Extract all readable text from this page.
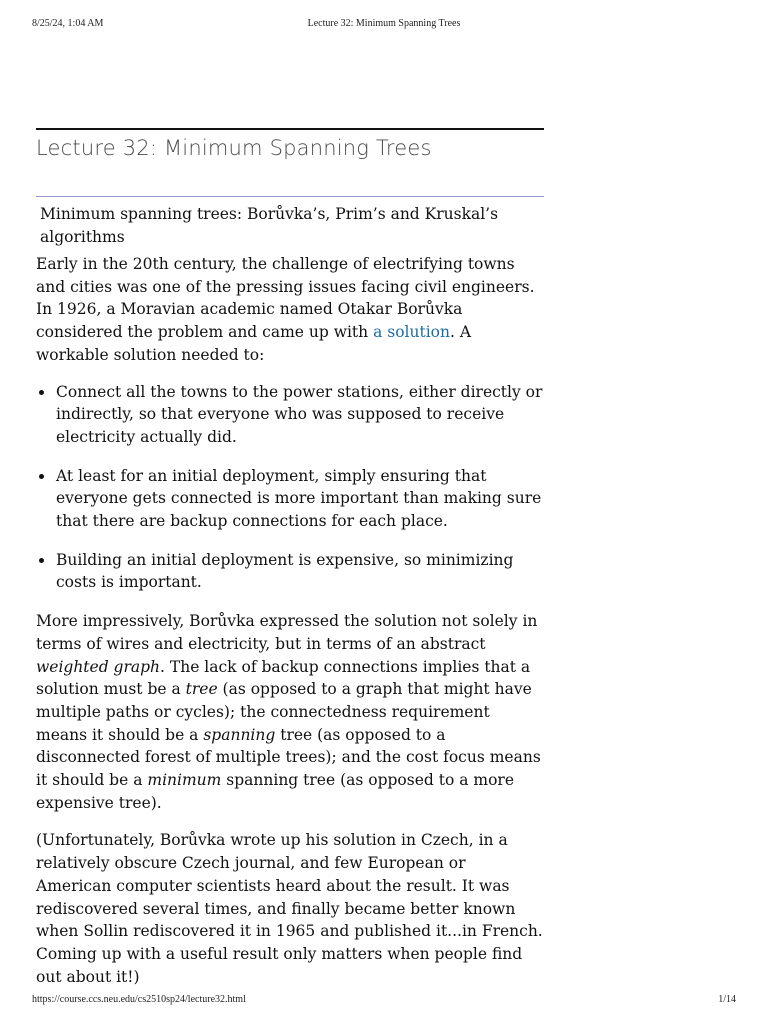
8/25/24, 1:04 AM	Lecture 32: Minimum Spanning Trees
Lecture 32: Minimum Spanning Trees
Minimum spanning trees: Borůvka’s, Prim’s and Kruskal’s algorithms

Early in the 20th century, the challenge of electrifying towns and cities was one of the pressing issues facing civil engineers. In 1926, a Moravian academic named Otakar Borůvka considered the problem and came up with a solution. A workable solution needed to:

Connect all the towns to the power stations, either directly or indirectly, so that everyone who was supposed to receive electricity actually did.
At least for an initial deployment, simply ensuring that everyone gets connected is more important than making sure that there are backup connections for each place.
Building an initial deployment is expensive, so minimizing costs is important.

More impressively, Borůvka expressed the solution not solely in terms of wires and electricity, but in terms of an abstract weighted graph. The lack of backup connections implies that a solution must be a tree (as opposed to a graph that might have multiple paths or cycles); the connectedness requirement means it should be a spanning tree (as opposed to a disconnected forest of multiple trees); and the cost focus means it should be a minimum spanning tree (as opposed to a more expensive tree).

(Unfortunately, Borůvka wrote up his solution in Czech, in a relatively obscure Czech journal, and few European or American computer scientists heard about the result. It was rediscovered several times, and finally became better known when Sollin rediscovered it in 1965 and published it...in French. Coming up with a useful result only matters when people find out about it!)

https://course.ccs.neu.edu/cs2510sp24/lecture32.html	1/14
